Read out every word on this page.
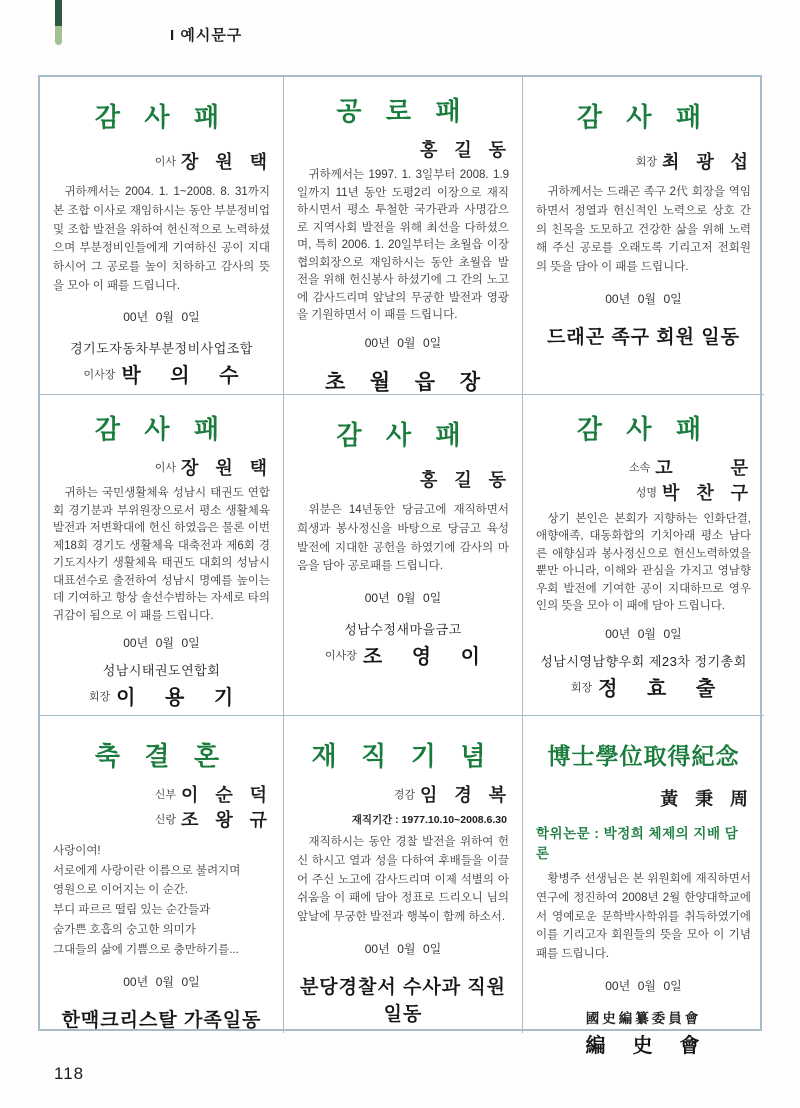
I 예시문구
감 사 패
이사 장 원 택
귀하께서는 2004. 1. 1~2008. 8. 31까지 본 조합 이사로 재임하시는 동안 부분정비업 및 조합 발전을 위하여 헌신적으로 노력하셨으며 부분정비인들에게 기여하신 공이 지대하시어 그 공로를 높이 치하하고 감사의 뜻을 모아 이 패를 드립니다.
00년 0월 0일
경기도자동차부분정비사업조합
$^{이사장}$ 박 의 수
공 로 패
홍 길 동
귀하께서는 1997. 1. 3일부터 2008. 1.9일까지 11년 동안 도평2리 이장으로 재직하시면서 평소 투철한 국가관과 사명감으로 지역사회 발전을 위해 최선을 다하셨으며, 특히 2006. 1. 20일부터는 초월읍 이장 협의회장으로 재임하시는 동안 초월읍 발전을 위해 헌신봉사 하셨기에 그 간의 노고에 감사드리며 앞날의 무궁한 발전과 영광을 기원하면서 이 패를 드립니다.
00년 0월 0일
초 월 읍 장
감 사 패
회장 최 광 섭
귀하께서는 드래곤 족구 2代 회장을 역임하면서 정열과 헌신적인 노력으로 상호 간의 친목을 도모하고 건강한 삶을 위해 노력해 주신 공로를 오래도록 기리고저 전회원의 뜻을 담아 이 패를 드립니다.
00년 0월 0일
드래곤 족구 회원 일동
감 사 패
이사 장 원 택
귀하는 국민생활체육 성남시 태권도 연합회 경기분과 부위원장으로서 평소 생활체육 발전과 저변확대에 헌신 하였음은 물론 이번 제18회 경기도 생활체육 대축전과 제6회 경기도지사기 생활체육 태권도 대회의 성남시 대표선수로 출전하여 성남시 명예를 높이는데 기여하고 항상 솔선수범하는 자세로 타의 귀감이 됨으로 이 패를 드립니다.
00년 0월 0일
성남시태권도연합회
$^{회장}$ 이 용 기
감 사 패
홍 길 동
위분은 14년동안 당금고에 재직하면서 희생과 봉사정신을 바탕으로 당금고 육성 발전에 지대한 공헌을 하였기에 감사의 마음을 담아 공로패를 드립니다.
00년 0월 0일
성남수정새마을금고
$^{이사장}$ 조 영 이
감 사 패
소속 고　　　문
성명 박 찬 구
상기 본인은 본회가 지향하는 인화단결, 애향애족, 대동화합의 기치아래 평소 남다른 애향심과 봉사정신으로 헌신노력하였을 뿐만 아니라, 이해와 관심을 가지고 영남향우회 발전에 기여한 공이 지대하므로 영우인의 뜻을 모아 이 패에 담아 드립니다.
00년 0월 0일
성남시영남향우회 제23차 정기총회
$^{회장}$ 정 효 출
축 결 혼
신부 이 순 덕
신랑 조 왕 규
사랑이여!
서로에게 사랑이란 이름으로 불려지며
영원으로 이어지는 이 순간.
부디 파르르 떨림 있는 순간들과
숨가쁜 호흡의 숭고한 의미가
그대들의 삶에 기쁨으로 충만하기를...
00년 0월 0일
한맥크리스탈 가족일동
재 직 기 념
경감 임 경 복
재직기간 : 1977.10.10~2008.6.30
재직하시는 동안 경찰 발전을 위하여 헌신 하시고 열과 성을 다하여 후배들을 이끌어 주신 노고에 감사드리며 이제 석별의 아쉬움을 이 패에 담아 정표로 드리오니 님의 앞날에 무궁한 발전과 행복이 함께 하소서.
00년 0월 0일
분당경찰서 수사과 직원 일동
博士學位取得紀念
黃 秉 周
학위논문 : 박정희 체제의 지배 담론
황병주 선생님은 본 위원회에 재직하면서 연구에 정진하여 2008년 2월 한양대학교에서 영예로운 문학박사학위를 취득하였기에 이를 기리고자 회원들의 뜻을 모아 이 기념패를 드립니다.
00년 0월 0일
國史編纂委員會
編 史 會
118
